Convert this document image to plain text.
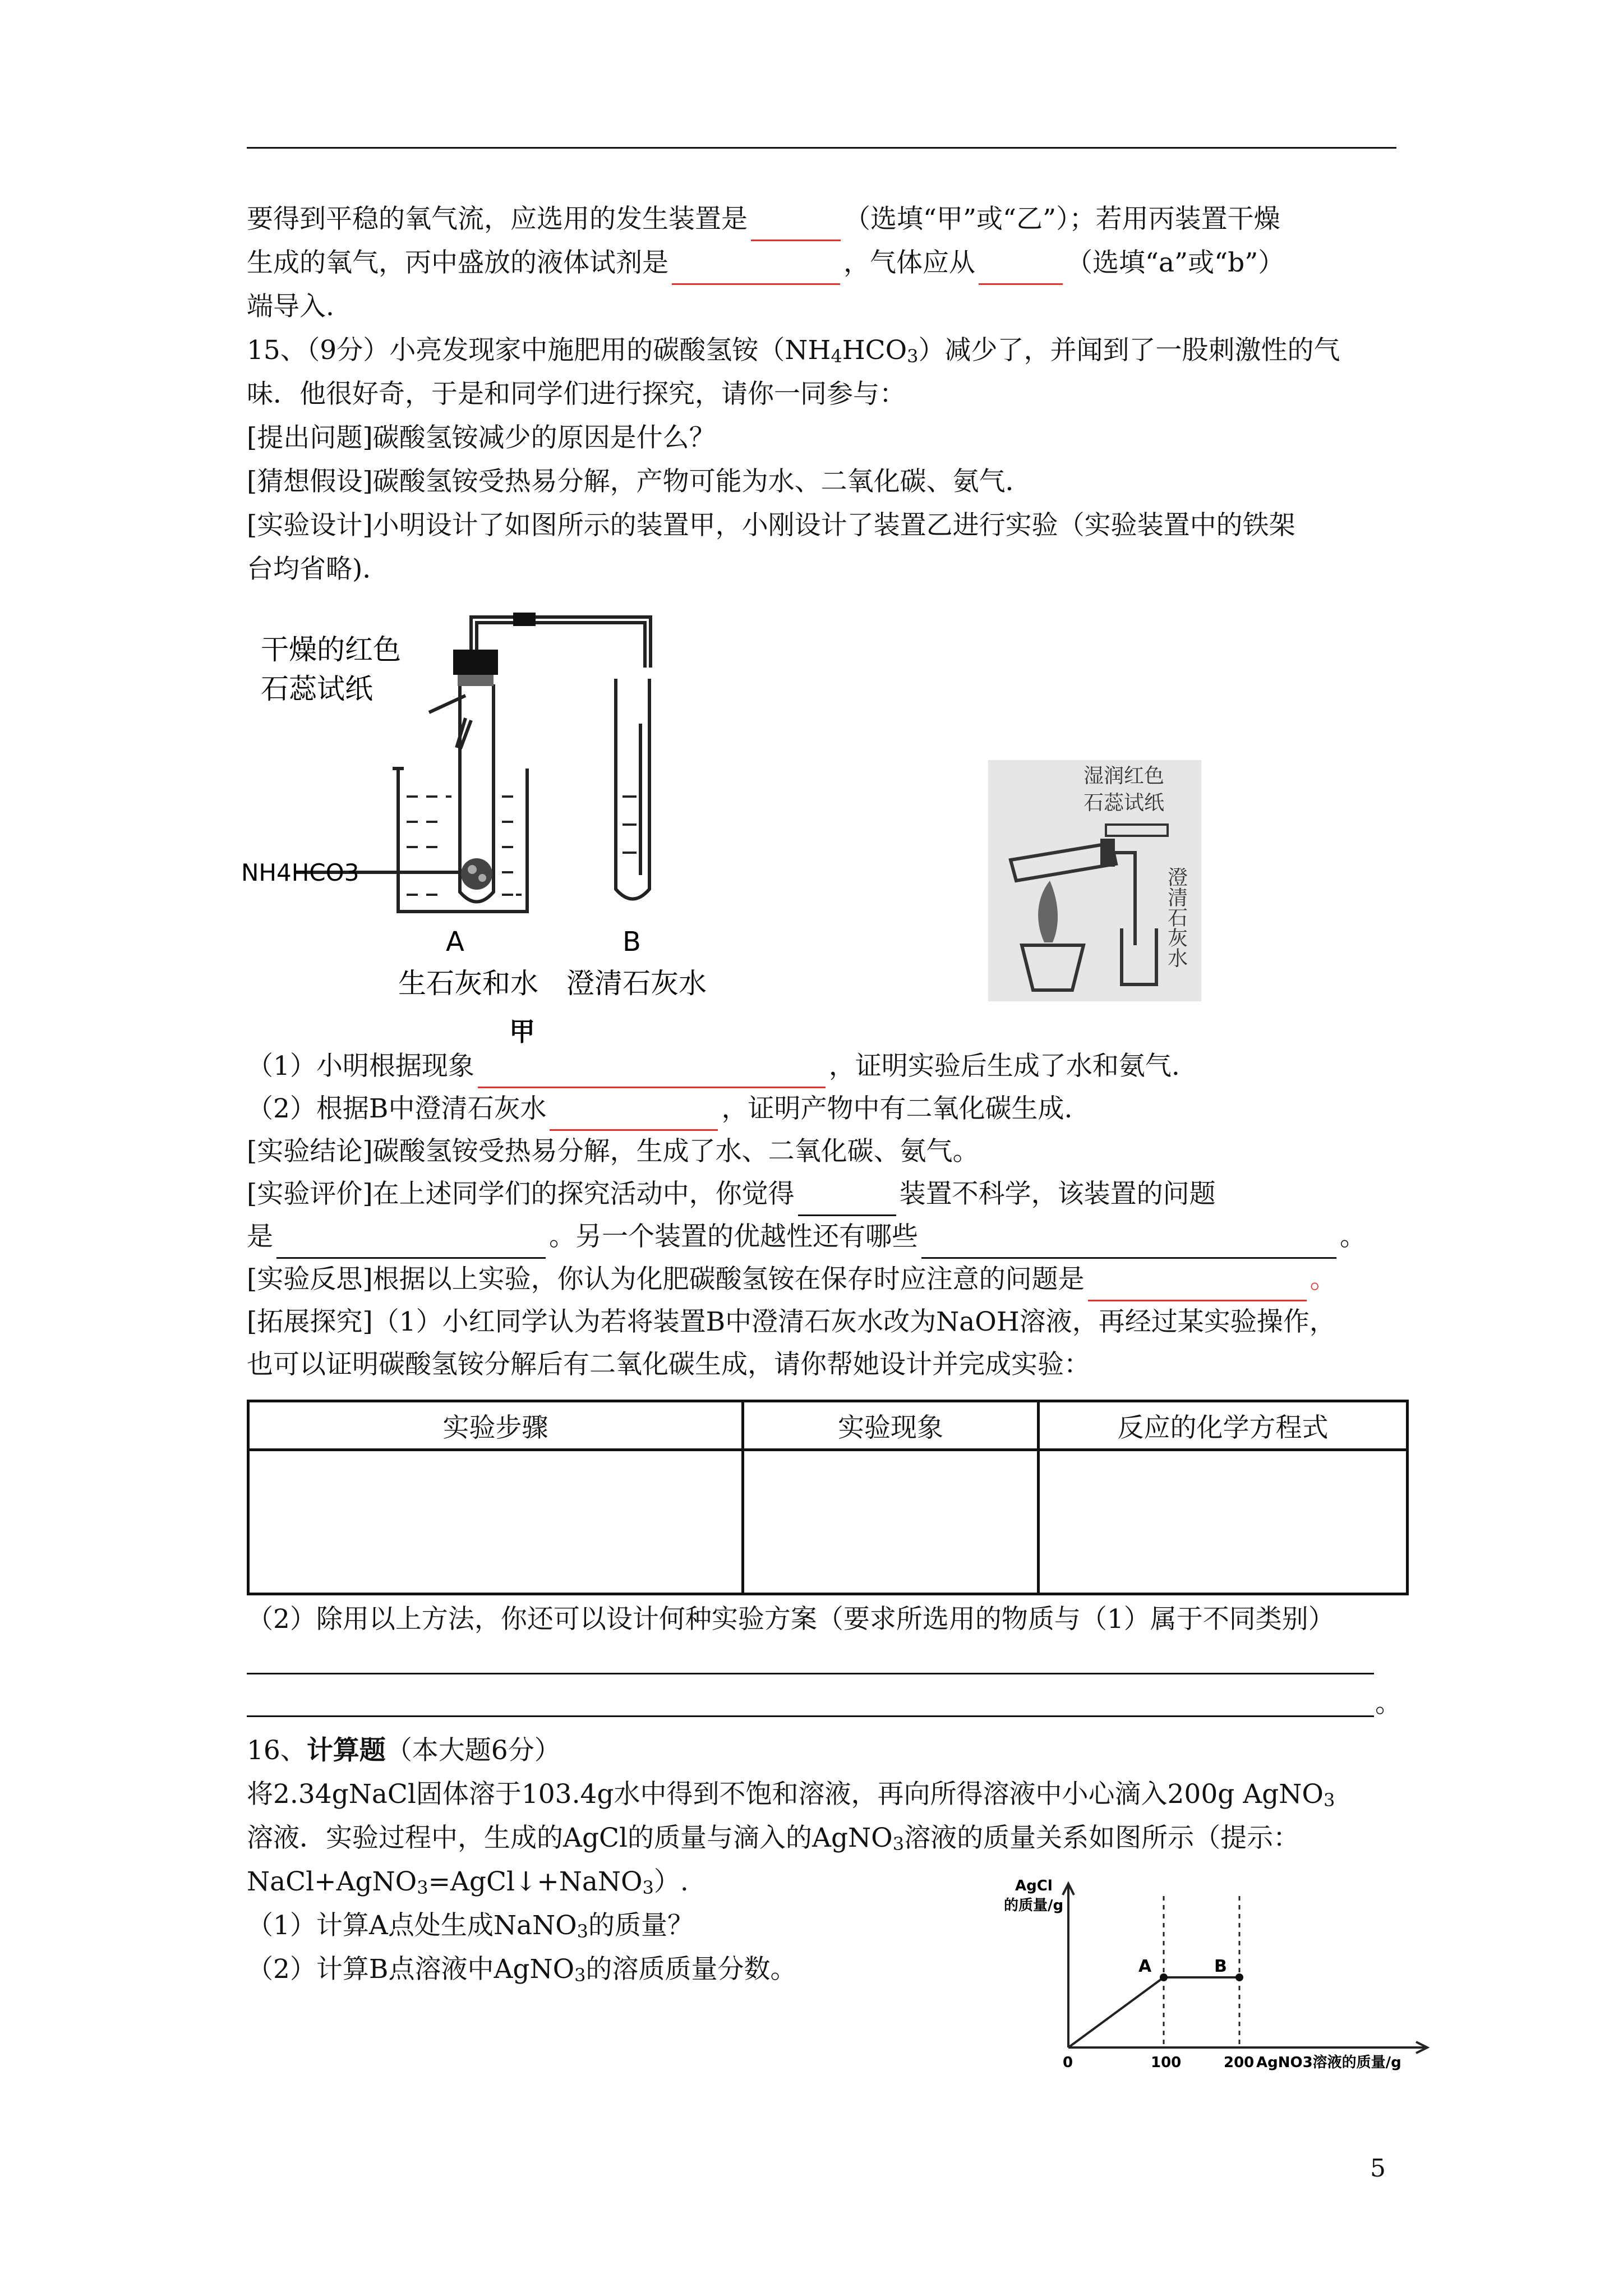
要得到平稳的氧气流，应选用的发生装置是	（选填“甲”或“乙”）；若用丙装置干燥
生成的氧气，丙中盛放的液体试剂是	，气体应从	（选填“a”或“b”）
端导入.
15、（9分）小亮发现家中施肥用的碳酸氢铵$(NH_4HCO_3)$减少了，并闻到了一股刺激性的气
味．他很好奇，于是和同学们进行探究，请你一同参与：
[提出问题]碳酸氢铵减少的原因是什么？
[猜想假设]碳酸氢铵受热易分解，产物可能为水、二氧化碳、氨气．
[实验设计]小明设计了如图所示的装置甲，小刚设计了装置乙进行实验（实验装置中的铁架
台均省略)．
干燥的红色
石蕊试纸
NH4HCO3
A	B
生石灰和水 澄清石灰水
甲
湿润红色
石蕊试纸
澄清石灰水
（1）小明根据现象	，证明实验后生成了水和氨气.
（2）根据B中澄清石灰水	，证明产物中有二氧化碳生成.
[实验结论]碳酸氢铵受热易分解，生成了水、二氧化碳、氨气。
[实验评价]在上述同学们的探究活动中，你觉得	装置不科学，该装置的问题
是	。另一个装置的优越性还有哪些	。
[实验反思]根据以上实验，你认为化肥碳酸氢铵在保存时应注意的问题是	。
[拓展探究]（1）小红同学认为若将装置B中澄清石灰水改为NaOH溶液，再经过某实验操作，
也可以证明碳酸氢铵分解后有二氧化碳生成，请你帮她设计并完成实验：
实验步骤	实验现象	反应的化学方程式

（2）除用以上方法，你还可以设计何种实验方案（要求所选用的物质与（1）属于不同类别）
。
16、计算题（本大题6分）
将2.34gNaCl固体溶于103.4g水中得到不饱和溶液，再向所得溶液中小心滴入200g AgNO$_3$
溶液．实验过程中，生成的AgCl的质量与滴入的AgNO$_3$溶液的质量关系如图所示（提示：
NaCl+AgNO$_3$=AgCl↓+NaNO$_3$）.
（1）计算A点处生成NaNO$_3$的质量？
（2）计算B点溶液中AgNO$_3$的溶质质量分数。
AgCl
的质量/g
0	100	200 AgNO3溶液的质量/g
A	B
5
